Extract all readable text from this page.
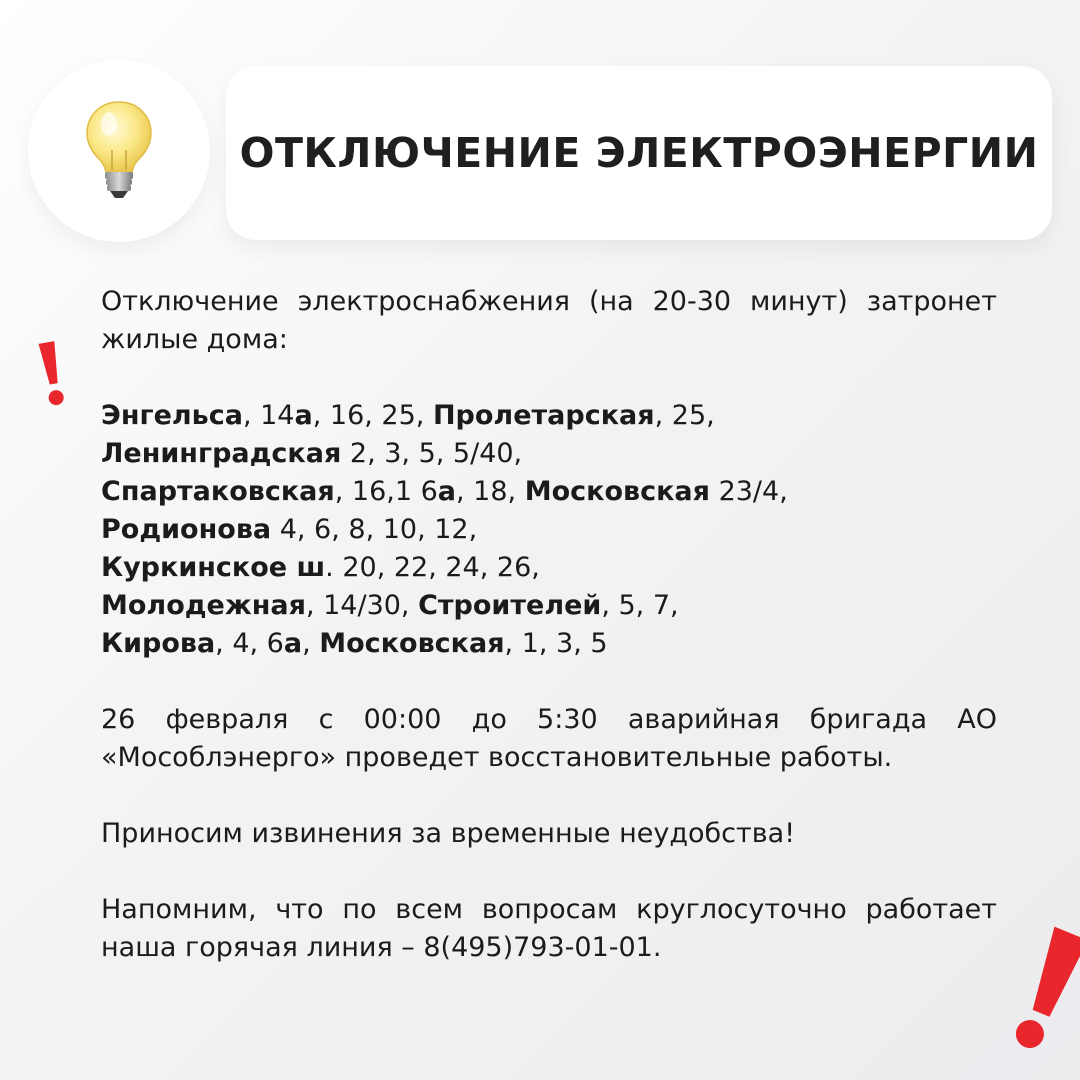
ОТКЛЮЧЕНИЕ ЭЛЕКТРОЭНЕРГИИ

Отключение электроснабжения (на 20-30 минут) затронет жилые дома:

Энгельса, 14а, 16, 25, Пролетарская, 25,
Ленинградская 2, 3, 5, 5/40,
Спартаковская, 16,1 6а, 18, Московская 23/4,
Родионова 4, 6, 8, 10, 12,
Куркинское ш. 20, 22, 24, 26,
Молодежная, 14/30, Строителей, 5, 7,
Кирова, 4, 6а, Московская, 1, 3, 5

26 февраля с 00:00 до 5:30 аварийная бригада АО «Мособлэнерго» проведет восстановительные работы.

Приносим извинения за временные неудобства!

Напомним, что по всем вопросам круглосуточно работает наша горячая линия – 8(495)793-01-01.
